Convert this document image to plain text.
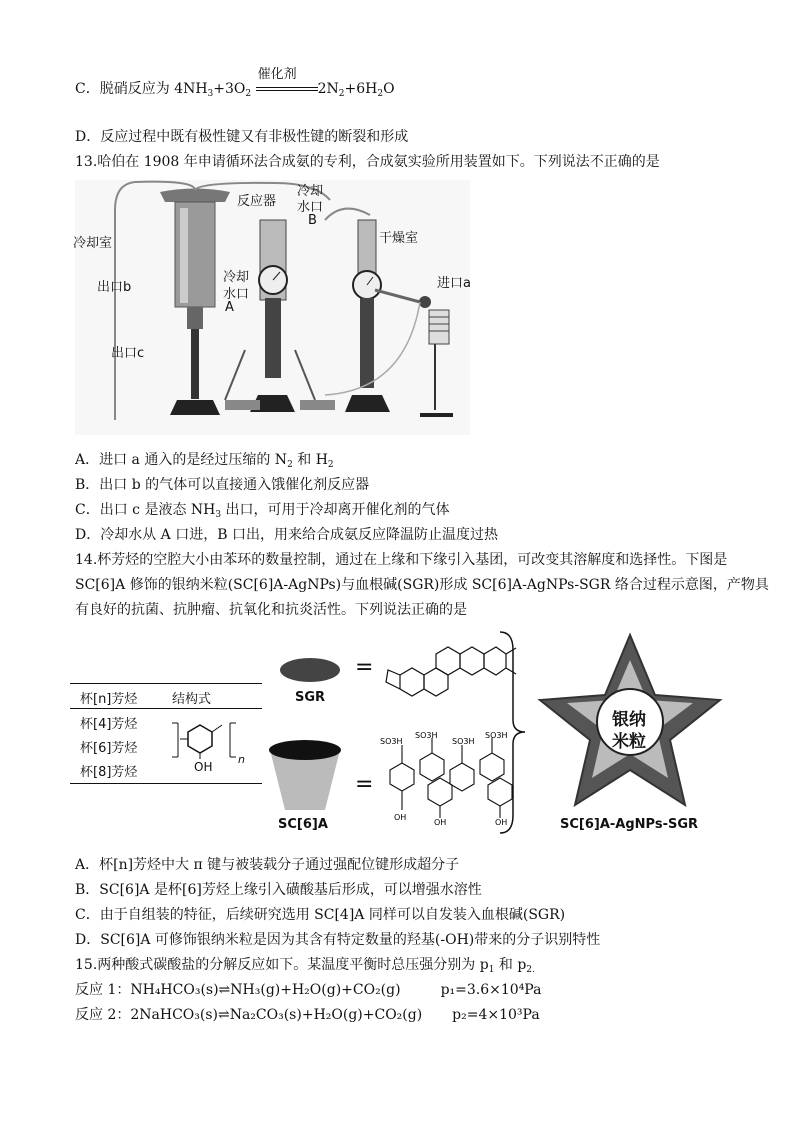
C．脱硝反应为 $4NH_3+3O_2$
催化剂
$2N_2+6H_2O$
D．反应过程中既有极性键又有非极性键的断裂和形成
13.哈伯在 1908 年申请循环法合成氨的专利，合成氨实验所用装置如下。下列说法不正确的是
冷却室
反应器
冷却
水口
B
干燥室
出口b
冷却
水口
A
进口a
出口c
A．进口 a 通入的是经过压缩的 $N_2$ 和 $H_2$
B．出口 b 的气体可以直接通入饿催化剂反应器
C．出口 c 是液态 $NH_3$ 出口，可用于冷却离开催化剂的气体
D．冷却水从 A 口进，B 口出，用来给合成氨反应降温防止温度过热
14.杯芳烃的空腔大小由苯环的数量控制，通过在上缘和下缘引入基团，可改变其溶解度和选择性。下图是
SC[6]A 修饰的银纳米粒(SC[6]A-AgNPs)与血根碱(SGR)形成 SC[6]A-AgNPs-SGR 络合过程示意图，产物具
有良好的抗菌、抗肿瘤、抗氧化和抗炎活性。下列说法正确的是
杯[n]芳烃	结构式
杯[4]芳烃
杯[6]芳烃
杯[8]芳烃	OH
n
SGR
=
SC[6]A
=
SO3H
SO3H
SO3H
SO3H
OH
OH	OH
银纳
米粒
SC[6]A-AgNPs-SGR
A．杯[n]芳烃中大 π 键与被装载分子通过强配位键形成超分子
B．SC[6]A 是杯[6]芳烃上缘引入磺酸基后形成，可以增强水溶性
C．由于自组装的特征，后续研究选用 SC[4]A 同样可以自发装入血根碱(SGR)
D．SC[6]A 可修饰银纳米粒是因为其含有特定数量的羟基(-OH)带来的分子识别特性
15.两种酸式碳酸盐的分解反应如下。某温度平衡时总压强分别为 $p_1$ 和 $p_{2.}$
反应 1：NH₄HCO₃(s)⇌NH₃(g)+H₂O(g)+CO₂(g)	p₁=3.6×10⁴Pa
反应 2：2NaHCO₃(s)⇌Na₂CO₃(s)+H₂O(g)+CO₂(g) p₂=4×10³Pa
